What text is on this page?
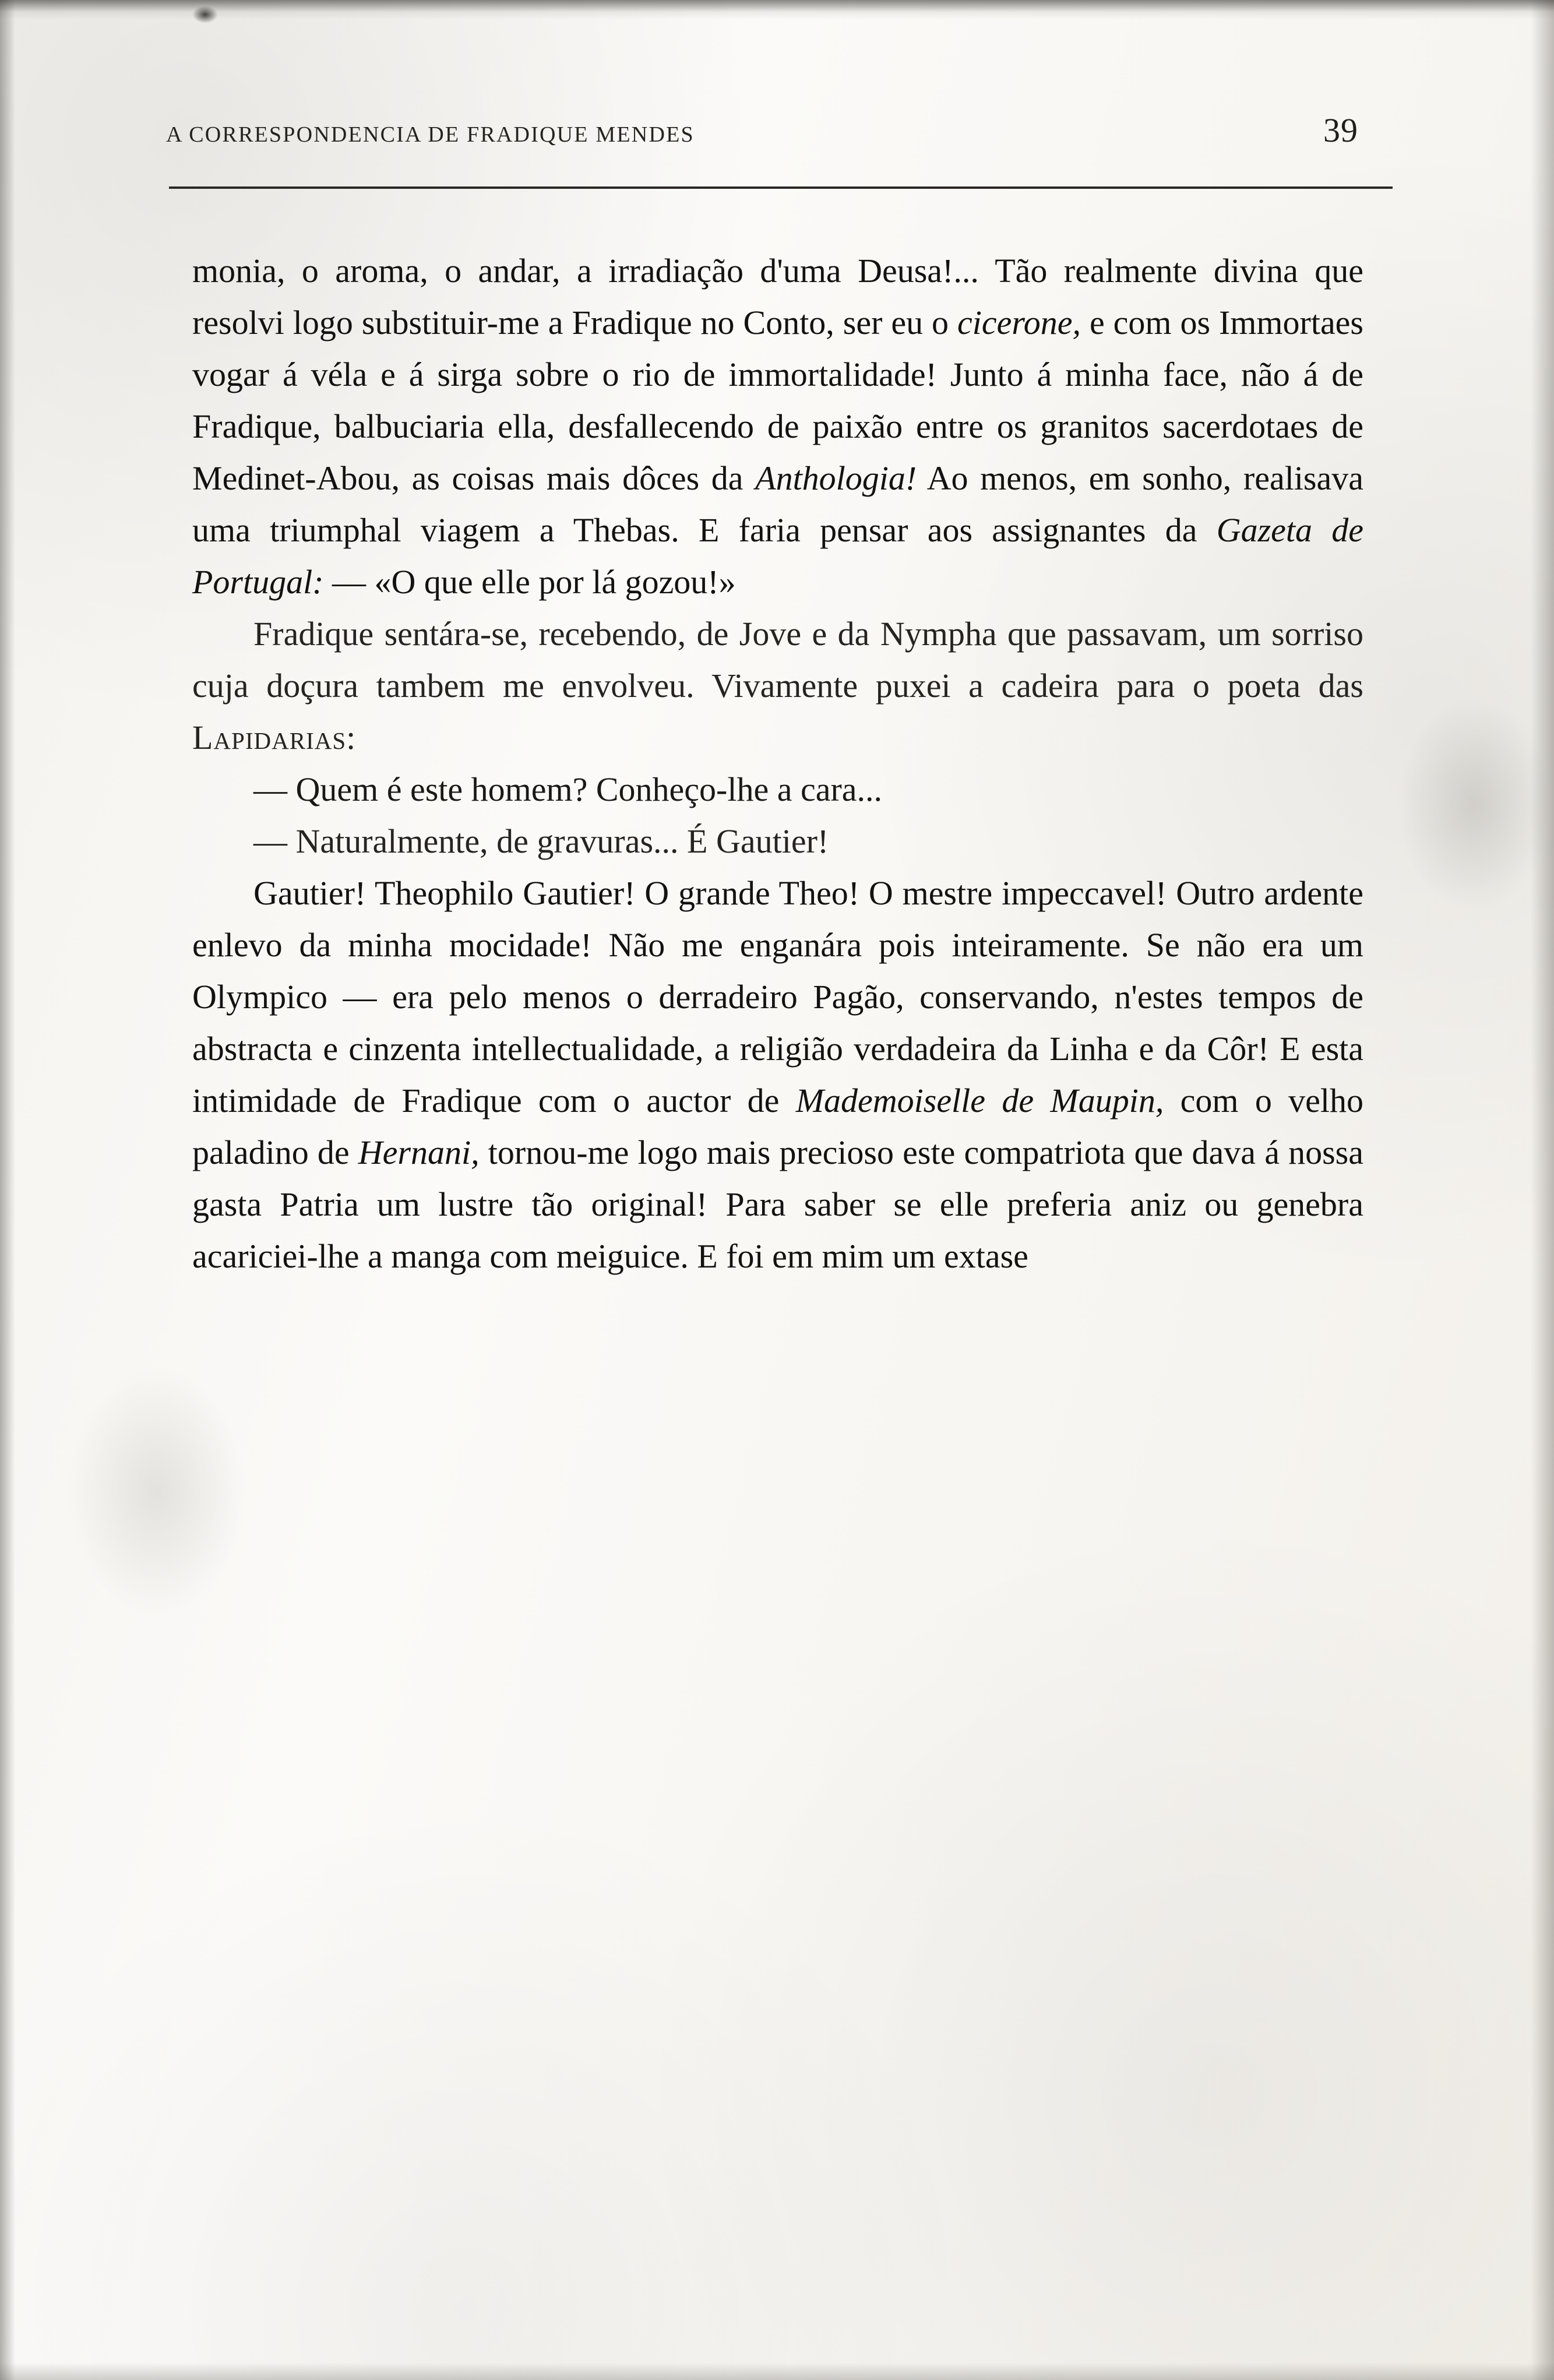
A CORRESPONDENCIA DE FRADIQUE MENDES	39

monia, o aroma, o andar, a irradiação d'uma Deusa!... Tão realmente divina que resolvi logo substituir-me a Fradique no Conto, ser eu o cicerone, e com os Immortaes vogar á véla e á sirga sobre o rio de immortalidade! Junto á minha face, não á de Fradique, balbuciaria ella, desfallecendo de paixão entre os granitos sacerdotaes de Medinet-Abou, as coisas mais dôces da Anthologia! Ao menos, em sonho, realisava uma triumphal viagem a Thebas. E faria pensar aos assignantes da Gazeta de Portugal: — «O que elle por lá gozou!»

Fradique sentára-se, recebendo, de Jove e da Nympha que passavam, um sorriso cuja doçura tambem me envolveu. Vivamente puxei a cadeira para o poeta das Lapidarias:

— Quem é este homem? Conheço-lhe a cara...

— Naturalmente, de gravuras... É Gautier!

Gautier! Theophilo Gautier! O grande Theo! O mestre impeccavel! Outro ardente enlevo da minha mocidade! Não me enganára pois inteiramente. Se não era um Olympico — era pelo menos o derradeiro Pagão, conservando, n'estes tempos de abstracta e cinzenta intellectualidade, a religião verdadeira da Linha e da Côr! E esta intimidade de Fradique com o auctor de Mademoiselle de Maupin, com o velho paladino de Hernani, tornou-me logo mais precioso este compatriota que dava á nossa gasta Patria um lustre tão original! Para saber se elle preferia aniz ou genebra acariciei-lhe a manga com meiguice. E foi em mim um extase
